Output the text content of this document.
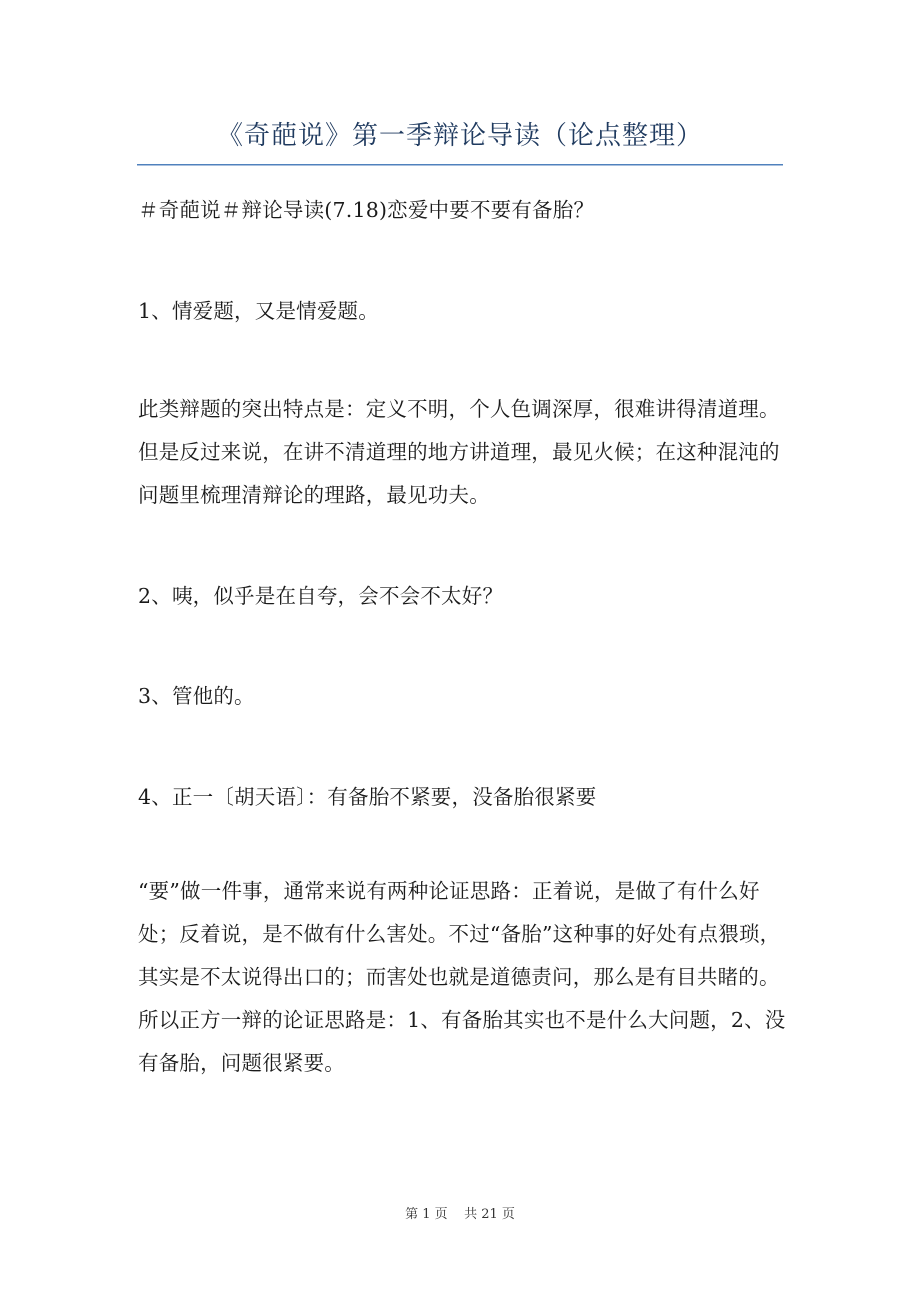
《奇葩说》第一季辩论导读（论点整理）

＃奇葩说＃辩论导读(7.18)恋爱中要不要有备胎？

1、情爱题，又是情爱题。

此类辩题的突出特点是：定义不明，个人色调深厚，很难讲得清道理。但是反过来说，在讲不清道理的地方讲道理，最见火候；在这种混沌的问题里梳理清辩论的理路，最见功夫。

2、咦，似乎是在自夸，会不会不太好？

3、管他的。

4、正一〔胡天语〕：有备胎不紧要，没备胎很紧要

“要”做一件事，通常来说有两种论证思路：正着说，是做了有什么好处；反着说，是不做有什么害处。不过“备胎”这种事的好处有点猥琐，其实是不太说得出口的；而害处也就是道德责问，那么是有目共睹的。所以正方一辩的论证思路是：1、有备胎其实也不是什么大问题，2、没有备胎，问题很紧要。

第 1 页    共 21 页
